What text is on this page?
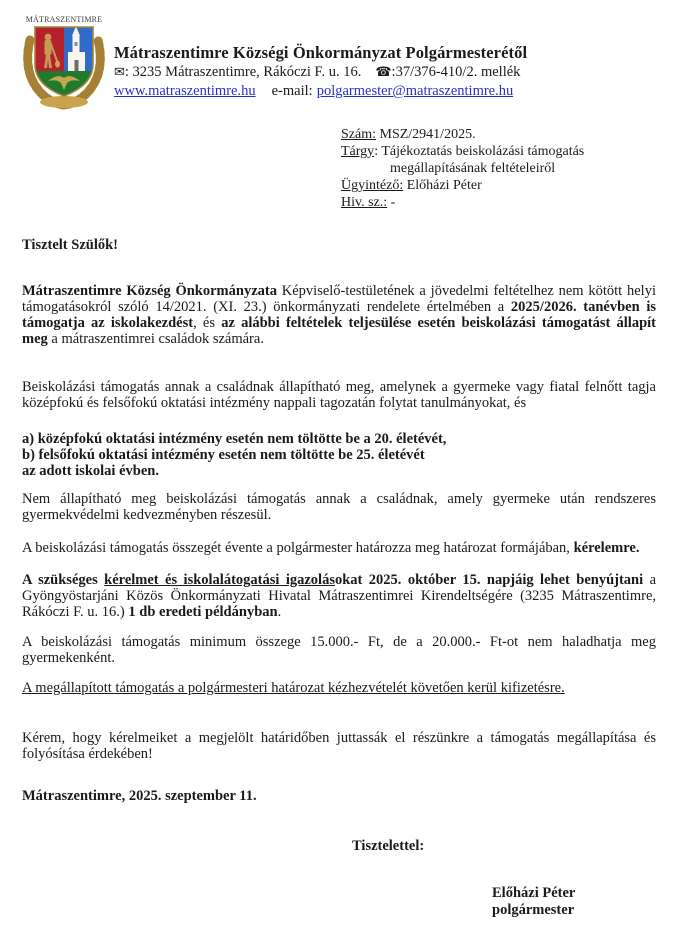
MÁTRASZENTIMRE
Mátraszentimre Községi Önkormányzat Polgármesterétől
✉: 3235 Mátraszentimre, Rákóczi F. u. 16. ☎:37/376-410/2. mellék
www.matraszentimre.hu e-mail: polgarmester@matraszentimre.hu
Szám: MSZ/2941/2025.
Tárgy: Tájékoztatás beiskolázási támogatás
megállapításának feltételeiről
Ügyintéző: Előházi Péter
Hiv. sz.: -

Tisztelt Szülők!

Mátraszentimre Község Önkormányzata Képviselő-testületének a jövedelmi feltételhez nem kötött helyi támogatásokról szóló 14/2021. (XI. 23.) önkormányzati rendelete értelmében a 2025/2026. tanévben is támogatja az iskolakezdést, és az alábbi feltételek teljesülése esetén beiskolázási támogatást állapít meg a mátraszentimrei családok számára.

Beiskolázási támogatás annak a családnak állapítható meg, amelynek a gyermeke vagy fiatal felnőtt tagja középfokú és felsőfokú oktatási intézmény nappali tagozatán folytat tanulmányokat, és

a) középfokú oktatási intézmény esetén nem töltötte be a 20. életévét,
b) felsőfokú oktatási intézmény esetén nem töltötte be 25. életévét
az adott iskolai évben.

Nem állapítható meg beiskolázási támogatás annak a családnak, amely gyermeke után rendszeres gyermekvédelmi kedvezményben részesül.

A beiskolázási támogatás összegét évente a polgármester határozza meg határozat formájában, kérelemre.

A szükséges kérelmet és iskolalátogatási igazolásokat 2025. október 15. napjáig lehet benyújtani a Gyöngyöstarjáni Közös Önkormányzati Hivatal Mátraszentimrei Kirendeltségére (3235 Mátraszentimre, Rákóczi F. u. 16.) 1 db eredeti példányban.

A beiskolázási támogatás minimum összege 15.000.- Ft, de a 20.000.- Ft-ot nem haladhatja meg gyermekenként.

A megállapított támogatás a polgármesteri határozat kézhezvételét követően kerül kifizetésre.

Kérem, hogy kérelmeiket a megjelölt határidőben juttassák el részünkre a támogatás megállapítása és folyósítása érdekében!

Mátraszentimre, 2025. szeptember 11.

Tisztelettel:

Előházi Péter
polgármester
